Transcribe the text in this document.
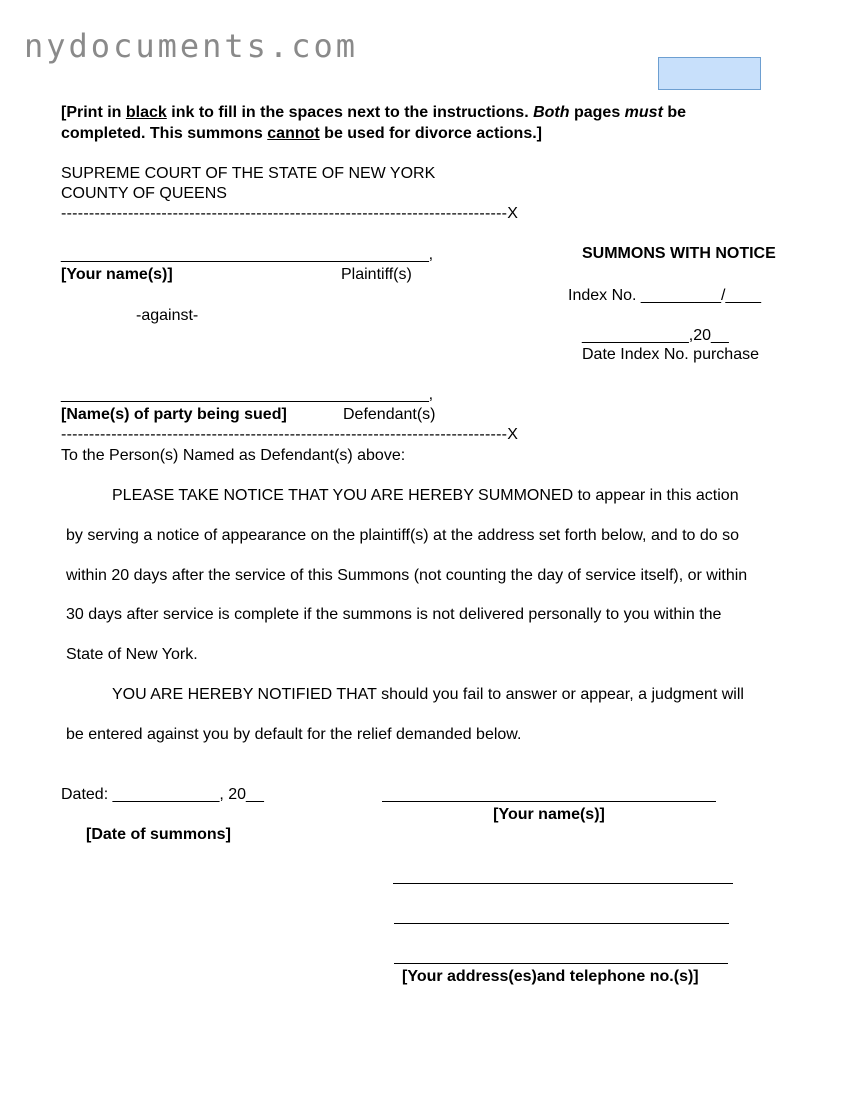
nydocuments.com
[Print in black ink to fill in the spaces next to the instructions. Both pages must be
completed. This summons cannot be used for divorce actions.]
SUPREME COURT OF THE STATE OF NEW YORK
COUNTY OF QUEENS
--------------------------------------------------------------------------------X
___________________________________________,
[Your name(s)]	Plaintiff(s)
-against-
___________________________________________,
[Name(s) of party being sued]	Defendant(s)
--------------------------------------------------------------------------------X
SUMMONS WITH NOTICE
Index No. _________/____
____________,20__
Date Index No. purchase
To the Person(s) Named as Defendant(s) above:
PLEASE TAKE NOTICE THAT YOU ARE HEREBY SUMMONED to appear in this action
by serving a notice of appearance on the plaintiff(s) at the address set forth below, and to do so
within 20 days after the service of this Summons (not counting the day of service itself), or within
30 days after service is complete if the summons is not delivered personally to you within the
State of New York.
YOU ARE HEREBY NOTIFIED THAT should you fail to answer or appear, a judgment will
be entered against you by default for the relief demanded below.
Dated: ____________, 20__
[Date of summons]
[Your name(s)]
[Your address(es)and telephone no.(s)]
